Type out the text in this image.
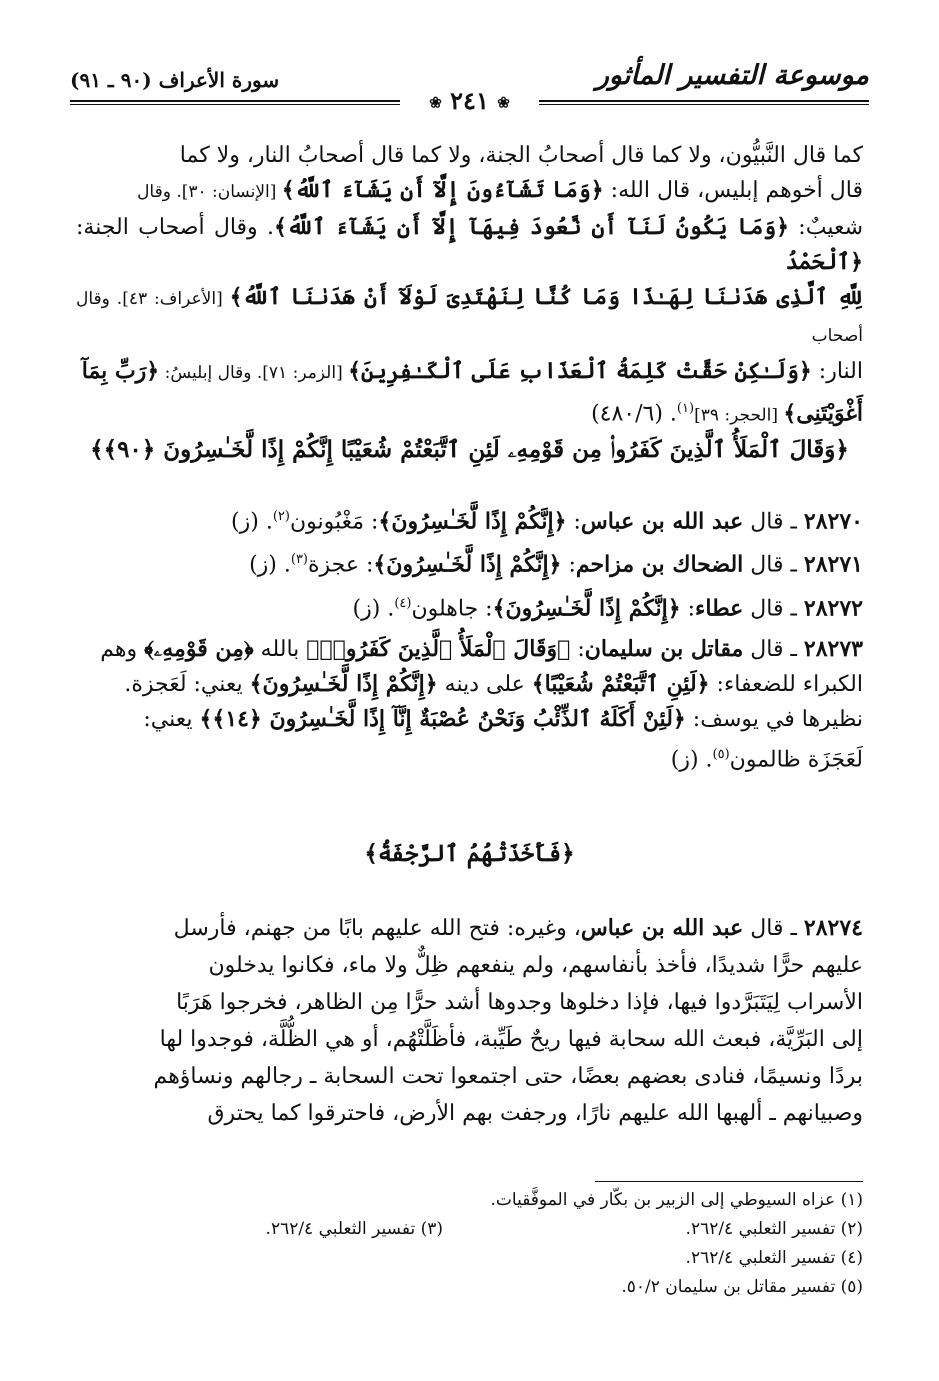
موسوعة التفسير المأثور
سورة الأعراف (٩٠ ـ ٩١)
❀ ٢٤١ ❀

كما قال النَّبيُّون، ولا كما قال أصحابُ الجنة، ولا كما قال أصحابُ النار، ولا كما

قال أخوهم إبليس، قال الله: ﴿وَمَا تَشَآءُونَ إِلَّآ أَن يَشَآءَ ٱللَّهُ﴾ [الإنسان: ٣٠]. وقال

شعيبٌ: ﴿وَمَا يَكُونُ لَنَآ أَن نَّعُودَ فِيهَآ إِلَّآ أَن يَشَآءَ ٱللَّهُ﴾. وقال أصحاب الجنة: ﴿ٱلْحَمْدُ

لِلَّهِ ٱلَّذِى هَدَىٰنَا لِهَـٰذَا وَمَا كُنَّا لِنَهْتَدِىَ لَوْلَآ أَنْ هَدَىٰنَا ٱللَّهُ﴾ [الأعراف: ٤٣]. وقال أصحاب

النار: ﴿وَلَـٰكِنْ حَقَّتْ كَلِمَةُ ٱلْعَذَابِ عَلَى ٱلْكَـٰفِرِينَ﴾ [الزمر: ٧١]. وقال إبليسُ: ﴿رَبِّ بِمَآ

أَغْوَيْتَنِى﴾ [الحجر: ٣٩]$^{(١)}$. (٤٨٠/٦)

﴿وَقَالَ ٱلْمَلَأُ ٱلَّذِينَ كَفَرُوا۟ مِن قَوْمِهِۦ لَئِنِ ٱتَّبَعْتُمْ شُعَيْبًا إِنَّكُمْ إِذًا لَّخَـٰسِرُونَ ﴿٩٠﴾﴾

٢٨٢٧٠ ـ قال عبد الله بن عباس: ﴿إِنَّكُمْ إِذًا لَّخَـٰسِرُونَ﴾: مَغْبُونون$^{(٢)}$. (ز)

٢٨٢٧١ ـ قال الضحاك بن مزاحم: ﴿إِنَّكُمْ إِذًا لَّخَـٰسِرُونَ﴾: عجزة$^{(٣)}$. (ز)

٢٨٢٧٢ ـ قال عطاء: ﴿إِنَّكُمْ إِذًا لَّخَـٰسِرُونَ﴾: جاهلون$^{(٤)}$. (ز)

٢٨٢٧٣ ـ قال مقاتل بن سليمان: ﴿وَقَالَ ٱلْمَلَأُ ٱلَّذِينَ كَفَرُوا۟﴾ بالله ﴿مِن قَوْمِهِۦ﴾ وهم

الكبراء للضعفاء: ﴿لَئِنِ ٱتَّبَعْتُمْ شُعَيْبًا﴾ على دينه ﴿إِنَّكُمْ إِذًا لَّخَـٰسِرُونَ﴾ يعني: لَعَجزة.

نظيرها في يوسف: ﴿لَئِنْ أَكَلَهُ ٱلذِّئْبُ وَنَحْنُ عُصْبَةٌ إِنَّآ إِذًا لَّخَـٰسِرُونَ ﴿١٤﴾﴾ يعني:

لَعَجَزَة ظالمون$^{(٥)}$. (ز)

﴿فَأَخَذَتْهُمُ ٱلرَّجْفَةُ﴾

٢٨٢٧٤ ـ قال عبد الله بن عباس، وغيره: فتح الله عليهم بابًا من جهنم، فأرسل

عليهم حرًّا شديدًا، فأخذ بأنفاسهم، ولم ينفعهم ظِلٌّ ولا ماء، فكانوا يدخلون

الأسراب لِيَتَبَرَّدوا فيها، فإذا دخلوها وجدوها أشد حرًّا مِن الظاهر، فخرجوا هَرَبًا

إلى البَرِّيَّة، فبعث الله سحابة فيها ريحٌ طَيِّبة، فأظَلَّتْهُم، أو هي الظُّلَّة، فوجدوا لها

بردًا ونسيمًا، فنادى بعضهم بعضًا، حتى اجتمعوا تحت السحابة ـ رجالهم ونساؤهم

وصبيانهم ـ ألهبها الله عليهم نارًا، ورجفت بهم الأرض، فاحترقوا كما يحترق

(١) عزاه السيوطي إلى الزبير بن بكّار في الموفَّقيات.
(٢) تفسير الثعلبي ٢٦٢/٤.
(٣) تفسير الثعلبي ٢٦٢/٤.
(٤) تفسير الثعلبي ٢٦٢/٤.
(٥) تفسير مقاتل بن سليمان ٥٠/٢.
